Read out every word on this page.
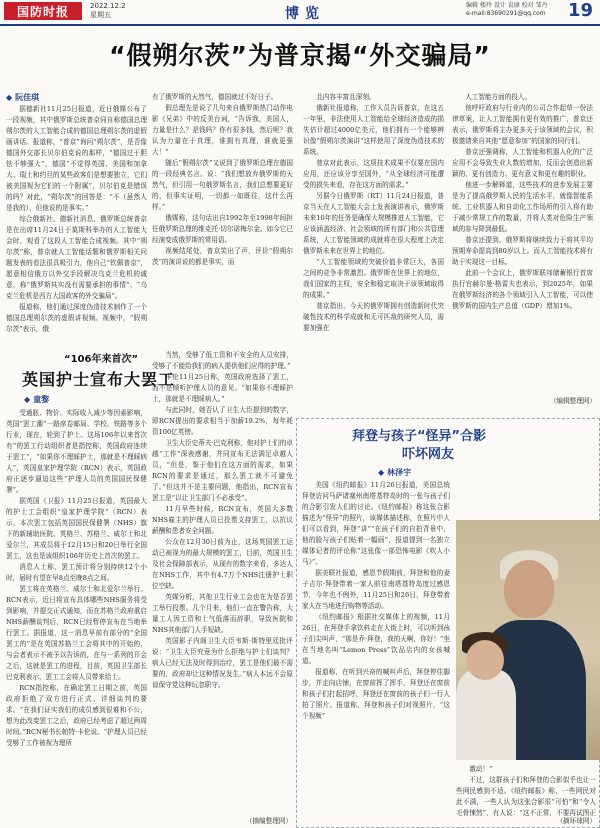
国防时报	2022.12.2
星期五	博览
编辑 楼玲 设计 袁康 校对 邹丹
e-mail:83690291@qq.com 19
“假朔尔茨”为普京揭“外交骗局”
◆ 阮佳琪

据德新社11月25日报道，近日俄媒公布了一段视频，其中俄罗斯总统普京同自称德国总理朔尔茨的人工智能合成的德国总理朔尔茨的虚假画讲话。报道称，“普京”询问“朔尔茨”，是否像德国外交部长贝尔伯克说的那样，“德国过于胆怯不够强大”，德国“不觉得英国、美国和加拿大、瑞士和约旦的某些政客们是想要独立，它们被美国视为它们的一个附属”，贝尔伯克是错误的吗？对此，“朔尔茨”的回答是：“不（虽然人是我的），但他说的是事实。”

综合俄新社、德新社消息，俄罗斯总统普京是在出席11月24日于莫斯科举办的人工智能大会时，观看了这段人工智能合成视频。其中“朔尔茨”称，普京就人工智能话题和俄罗斯相关问题发表的看法很具吸引力，他自己“钦佩普京”，愿意相信俄方以外交手段解决乌克兰危机的诚意，称“俄罗斯其实没有需要承担的事情”，“乌克兰危机是西方大国政客的外交骗局”。

报道称，他们通过深度伪造技术制作了一个德国总理朔尔茨的虚假讲视频。视频中，“假朔尔茨”表示，俄

有了俄罗斯的天然气，德国就过不好日子。

假总理先是说了几句来自俄罗斯热门动作电影《兄弟》中的反美台词，“告诉我，美国人，力量是什么？是钱吗？你有很多钱，然后呢？我认为力量在于真理，谁拥有真理，谁就更强大！”

随后“假朔尔茨”又说到了俄罗斯总理在德国的一段经典名言。说：“我们想放弃俄罗斯的天然气，但引用一句俄罗斯名言，我们总想要更好的，但事实证明，一切都一如既往，这什么再样。”

俄媒称，这句话出自1992年至1998年间担任俄罗斯总理的维克托·切尔诺梅尔金。如今它已经演变成俄罗斯的常用语。

视频结尾处，普京笑出了声，评价“假朔尔茨”的演讲说的都是事实，而

且内容丰富且深刻。

俄新社报道称，工作人员告诉普京，在这五一年里，非法使用人工智能给全球经济造成的损失估计超过4000亿美元，他们拥有一个能够辨识像“假朔尔茨演讲”这样使用了深度伪造技术的系统。

普京对此表示，这项技术成果不仅要在国内应用，还应该分享至国外，“从全球经济可能遭受的损失来看，存在这方面的需求。”

另据今日俄罗斯（RT）11月24日报道，普京当天在人工智能大会上发表演讲表示，俄罗斯未来10年的任务是确保大规模推进人工智能，它应该涵盖经济、社会领域的所有部门和公共管理系统，人工智能领域的成就将在很大程度上决定俄罗斯未来在世界上的地位。

“人工智能领域的突破价值非常巨大，各国之间的竞争非常激烈。俄罗斯在世界上的地位，我们国家的主权，安全和稳定取决于该领域取得的成果。”

普京指出，今天的俄罗斯拥有创造新时代突破性技术的科学成就和无可匹敌的研究人员，需要加强在

人工智能方面的投入。

他呼吁政府与行业内的公司合作起草一份法律草案，让人工智能拥有更有效的推广，普京还表示，俄罗斯将主办更多关于该领域的会议，积极邀请来自其他“愿意参加”的国家的同行们。

普京还强调称，人工智能和机器人化的广泛应用不会导致失业人数的增加，反而会创造出新颖的、更有创造力、更有意义和更有趣的职业。

他进一步解释道，这些技术的进步发展主要是为了提高俄罗斯人民的生活水平，就像智能系统、工业机器人和自动化工作场所的引入将有助于减少常规工作的数量，并将人类对危险生产领域的参与降到最低。

普京还提到，俄罗斯将继续致力于将其平均预期寿命提高到80岁以上。而人工智能技术将有助于实现这一目标。

此前一个会议上，俄罗斯联邦储蓄银行首席执行官赫尔曼·格雷夫也表示，到2025年，如果在俄罗斯经济的各个领域引入人工智能，可以使俄罗斯的国内生产总值（GDP）增加1%。

（编辑整理网）
“106年来首次”
英国护士宣布大罢工
◆ 童黎

受通胀、物价、实际收入减少等因素影响，英国“罢工潮”一路席卷邮局、学校、铁路等多个行业，现在，轮到了护士。这场106年以来首次有“的罢工行动组织者是指控称，英国政府连续于罢工”，“如果你不理睬护士，那就是不理睬病人”，英国皇家护理学院（RCN）表示，英国政府正逐步逼迫这些“护理人员的英国国民保健署”。

据英国《卫报》11月25日报道，英国最大的护士工会组织“皇家护理学院”（RCN）表示，本次罢工包括英国国民保健署（NHS）旗下的新辅助医院、英格兰、苏格兰、威尔士和北爱尔兰，其成员将于12月15日和20日举行全国罢工，这也是该组织106年历史上首次的罢工。

消息人士称，罢工预计将分别持续12个小时，届时有望在早8点至晚8点之间。

罢工将在英格兰、威尔士和北爱尔兰举行。RCN表示，近日将宣布具体哪些NHS服务将受到影响，并提交正式通知，而在苏格兰政府重启NHS薪酬谈判后，RCN已经暂停宣布在当地举行罢工。据报道，这一消息早前有部分的“全国罢工的”是在英国苏格兰工会将其中的开始的，与会者表示不被予以告诉的，在与一系列的开会之后，这就是罢工的进程，目前，英国卫生部长巴克利表示，罢工工会将人员带来给士。

RCN指控称，在确定罢工日期之前，英国政府拒绝了双方进行正式、详细谈判的要求。“在我们证实我们的成员感到很难和不公，想为此改变罢工之后，政府已经考虑了超过两周时间。”RCN秘书长帕特·卡伦说。“护理人员已经受够了工作被视为理所

当然，受够了低工资和不安全的人员安排，受够了不能给我们的病人提供他们应得的护理。”

卡伦11月25日称，英国政府选择了罢工，而不是倾听护理人员的意见。“如果你不理睬护士，那就是不理睬病人。”

与此同时，她否认了卫生大臣提到的数字，即RCN提出的要求相当于加薪19.2%，每年耗资100亿英镑。

卫生大臣史蒂夫·巴克利称，他对护士们的卓越“工作”深表感谢，并同宣布无法满足卓越人员，“但是，鉴于他们在这方面的需求，如果RCN的要求是通过，那么罢工就不可避免了。”但这并不是主要问题，他指出，RCN宣布罢工是“以让卫生部门不必承受”。

11月早些时候，RCN宣布，英国大多数NHS雇主的护理人员已投票支持罢工，以抗议薪酬和患者安全问题。

公众在12月30日前为止，这场英国罢工运动已被视为的最大规模的罢工，目前，英国卫生及社会保障部表示，从现有的数字来看，多达人在NHS工作，其中有4.7万个NHS注册护士职位空缺。

英媒分析，其他卫生行业工会也在为是否罢工举行投票。几个月来，他们一直在警告称，大量工人因工资和士气低落而辞职，导致医院和NHS其他部门人手短缺。

英国影子内阁卫生大臣韦斯·斯特里廷批评说：“卫生大臣究竟为什么拒绝与护士们谈判？病人已经无法及时得到治疗，罢工是他们最不需要的，政府却让这种情况发生。”病人本远不会原谅保守党这种玩忽职守。

（摘编整理网）
拜登与孩子“怪异”合影
吓坏网友
◆ 林泽宇

美国《纽约邮报》11月26日报道，美国总统拜登访问马萨诸塞州南塔基特岛时的一张与孩子们的合影引发人们的讨论。《纽约邮报》称这张合影描述为“怪异”的照片，该媒体描述称，在照片中人们可以看到，拜登“讲”“在孩子们的自拍背景中，他的脸与孩子们贴着一幅画”，报道提到一名独立媒体记者的评论称“这张像一部恐怖电影《吹人小马》”。

据美联社报道，感恩节假期前，拜登和他的妻子吉尔·拜登带着一家人前往南塔基特岛度过感恩节，今年也不例外，11月25日和26日，拜登带着家人在当地进行购物等活动。

《纽约邮报》根据社交媒体上的视频，11月26日，在拜登手拿饮料走在大街上时，可以听到孩子们尖叫声，“那是乔·拜登，我的天啊，你好！”坐在当地名叫“Lemon Press”饮品店内的女孩喊道。

报道称，在听到兴奋的喊叫声后，拜登停住脚步，并走向店铺，在窗前挥了挥手，拜登还在窗前和孩子们打起招呼，拜登还在窗前的孩子们一行人拍了照片。报道称，拜登和孩子们对视照片，“这个视频”

激动！”

不过，这群孩子们和拜登的合影似乎也让一些网民感到不适。《纽约邮报》称，一些网民对此不满，一些人认为这张合影很“可怕”和“令人毛骨悚然”，有人说：“这不正常，不要再试图正

（摘环球网）
